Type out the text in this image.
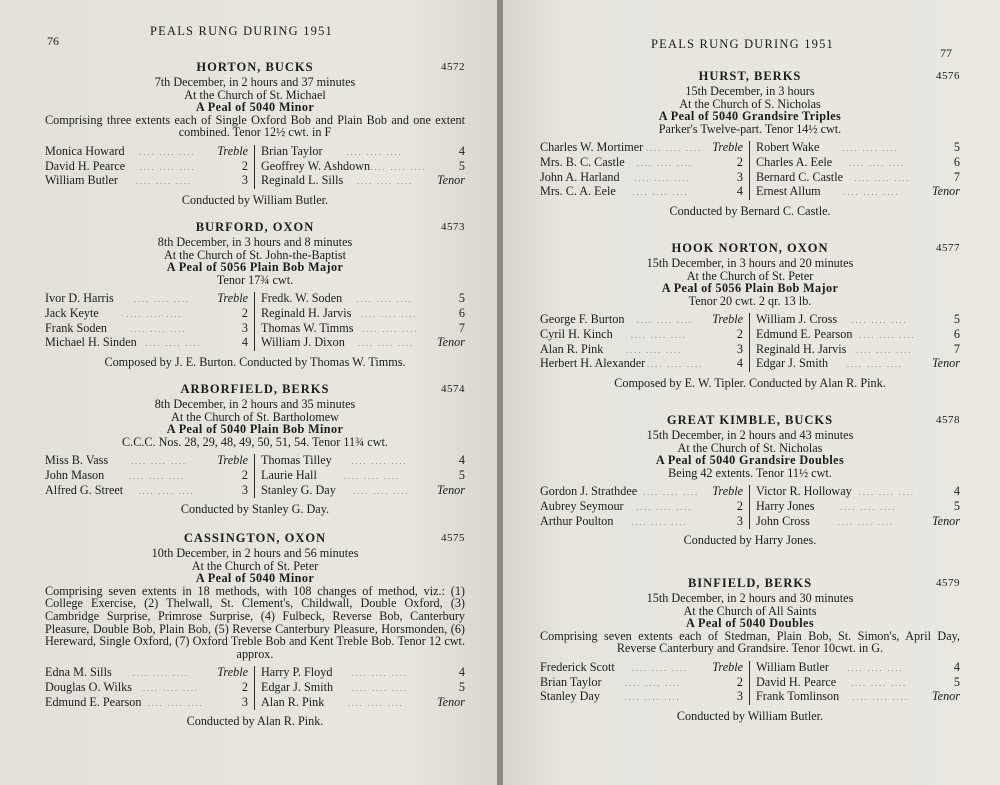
76
PEALS RUNG DURING 1951
HORTON, BUCKS	4572
7th December, in 2 hours and 37 minutes
At the Church of St. Michael
A Peal of 5040 Minor
Comprising three extents each of Single Oxford Bob and Plain Bob and one extent combined. Tenor 12½ cwt. in F
Monica Howard	.... .... ....	Treble
David H. Pearce	.... .... ....	2
William Butler	.... .... ....	3
Brian Taylor	.... .... ....	4
Geoffrey W. Ashdown .... .... ....	5
Reginald L. Sills	.... .... ....	Tenor
Conducted by William Butler.
BURFORD, OXON	4573
8th December, in 3 hours and 8 minutes
At the Church of St. John-the-Baptist
A Peal of 5056 Plain Bob Major
Tenor 17¾ cwt.
Ivor D. Harris	.... .... ....	Treble
Jack Keyte	.... .... ....	2
Frank Soden	.... .... ....	3
Michael H. Sinden	.... .... ....	4
Fredk. W. Soden	.... .... ....	5
Reginald H. Jarvis	.... .... ....	6
Thomas W. Timms	.... .... ....	7
William J. Dixon	.... .... ....	Tenor
Composed by J. E. Burton. Conducted by Thomas W. Timms.
ARBORFIELD, BERKS	4574
8th December, in 2 hours and 35 minutes
At the Church of St. Bartholomew
A Peal of 5040 Plain Bob Minor
C.C.C. Nos. 28, 29, 48, 49, 50, 51, 54. Tenor 11¾ cwt.
Miss B. Vass	.... .... ....	Treble
John Mason	.... .... ....	2
Alfred G. Street	.... .... ....	3
Thomas Tilley	.... .... ....	4
Laurie Hall	.... .... ....	5
Stanley G. Day	.... .... ....	Tenor
Conducted by Stanley G. Day.
CASSINGTON, OXON	4575
10th December, in 2 hours and 56 minutes
At the Church of St. Peter
A Peal of 5040 Minor
Comprising seven extents in 18 methods, with 108 changes of method, viz.: (1) College Exercise, (2) Thelwall, St. Clement's, Childwall, Double Oxford, (3) Cambridge Surprise, Primrose Surprise, (4) Fulbeck, Reverse Bob, Canterbury Pleasure, Double Bob, Plain Bob, (5) Reverse Canterbury Pleasure, Horsmonden, (6) Hereward, Single Oxford, (7) Oxford Treble Bob and Kent Treble Bob. Tenor 12 cwt. approx.
Edna M. Sills	.... .... ....	Treble
Douglas O. Wilks	.... .... ....	2
Edmund E. Pearson .... .... ....	3
Harry P. Floyd	.... .... ....	4
Edgar J. Smith	.... .... ....	5
Alan R. Pink	.... .... ....	Tenor
Conducted by Alan R. Pink.
PEALS RUNG DURING 1951
77
HURST, BERKS	4576
15th December, in 3 hours
At the Church of S. Nicholas
A Peal of 5040 Grandsire Triples
Parker's Twelve-part. Tenor 14½ cwt.
Charles W. Mortimer .... .... .... Treble
Mrs. B. C. Castle	.... .... ....	2
John A. Harland	.... .... ....	3
Mrs. C. A. Eele	.... .... ....	4
Robert Wake	.... .... ....	5
Charles A. Eele	.... .... ....	6
Bernard C. Castle	.... .... ....	7
Ernest Allum	.... .... ....	Tenor
Conducted by Bernard C. Castle.
HOOK NORTON, OXON	4577
15th December, in 3 hours and 20 minutes
At the Church of St. Peter
A Peal of 5056 Plain Bob Major
Tenor 20 cwt. 2 qr. 13 lb.
George F. Burton	.... .... ....	Treble
Cyril H. Kinch	.... .... ....	2
Alan R. Pink	.... .... ....	3
Herbert H. Alexander .... .... ....	4
William J. Cross	.... .... ....	5
Edmund E. Pearson .... .... ....	6
Reginald H. Jarvis	.... .... ....	7
Edgar J. Smith	.... .... ....	Tenor
Composed by E. W. Tipler. Conducted by Alan R. Pink.
GREAT KIMBLE, BUCKS	4578
15th December, in 2 hours and 43 minutes
At the Church of St. Nicholas
A Peal of 5040 Grandsire Doubles
Being 42 extents. Tenor 11½ cwt.
Gordon J. Strathdee .... .... ....	Treble
Aubrey Seymour	.... .... ....	2
Arthur Poulton	.... .... ....	3
Victor R. Holloway .... .... ....	4
Harry Jones	.... .... ....	5
John Cross	.... .... ....	Tenor
Conducted by Harry Jones.
BINFIELD, BERKS	4579
15th December, in 2 hours and 30 minutes
At the Church of All Saints
A Peal of 5040 Doubles
Comprising seven extents each of Stedman, Plain Bob, St. Simon's, April Day, Reverse Canterbury and Grandsire. Tenor 10cwt. in G.
Frederick Scott	.... .... ....	Treble
Brian Taylor	.... .... ....	2
Stanley Day	.... .... ....	3
William Butler	.... .... ....	4
David H. Pearce	.... .... ....	5
Frank Tomlinson	.... .... ....	Tenor
Conducted by William Butler.
